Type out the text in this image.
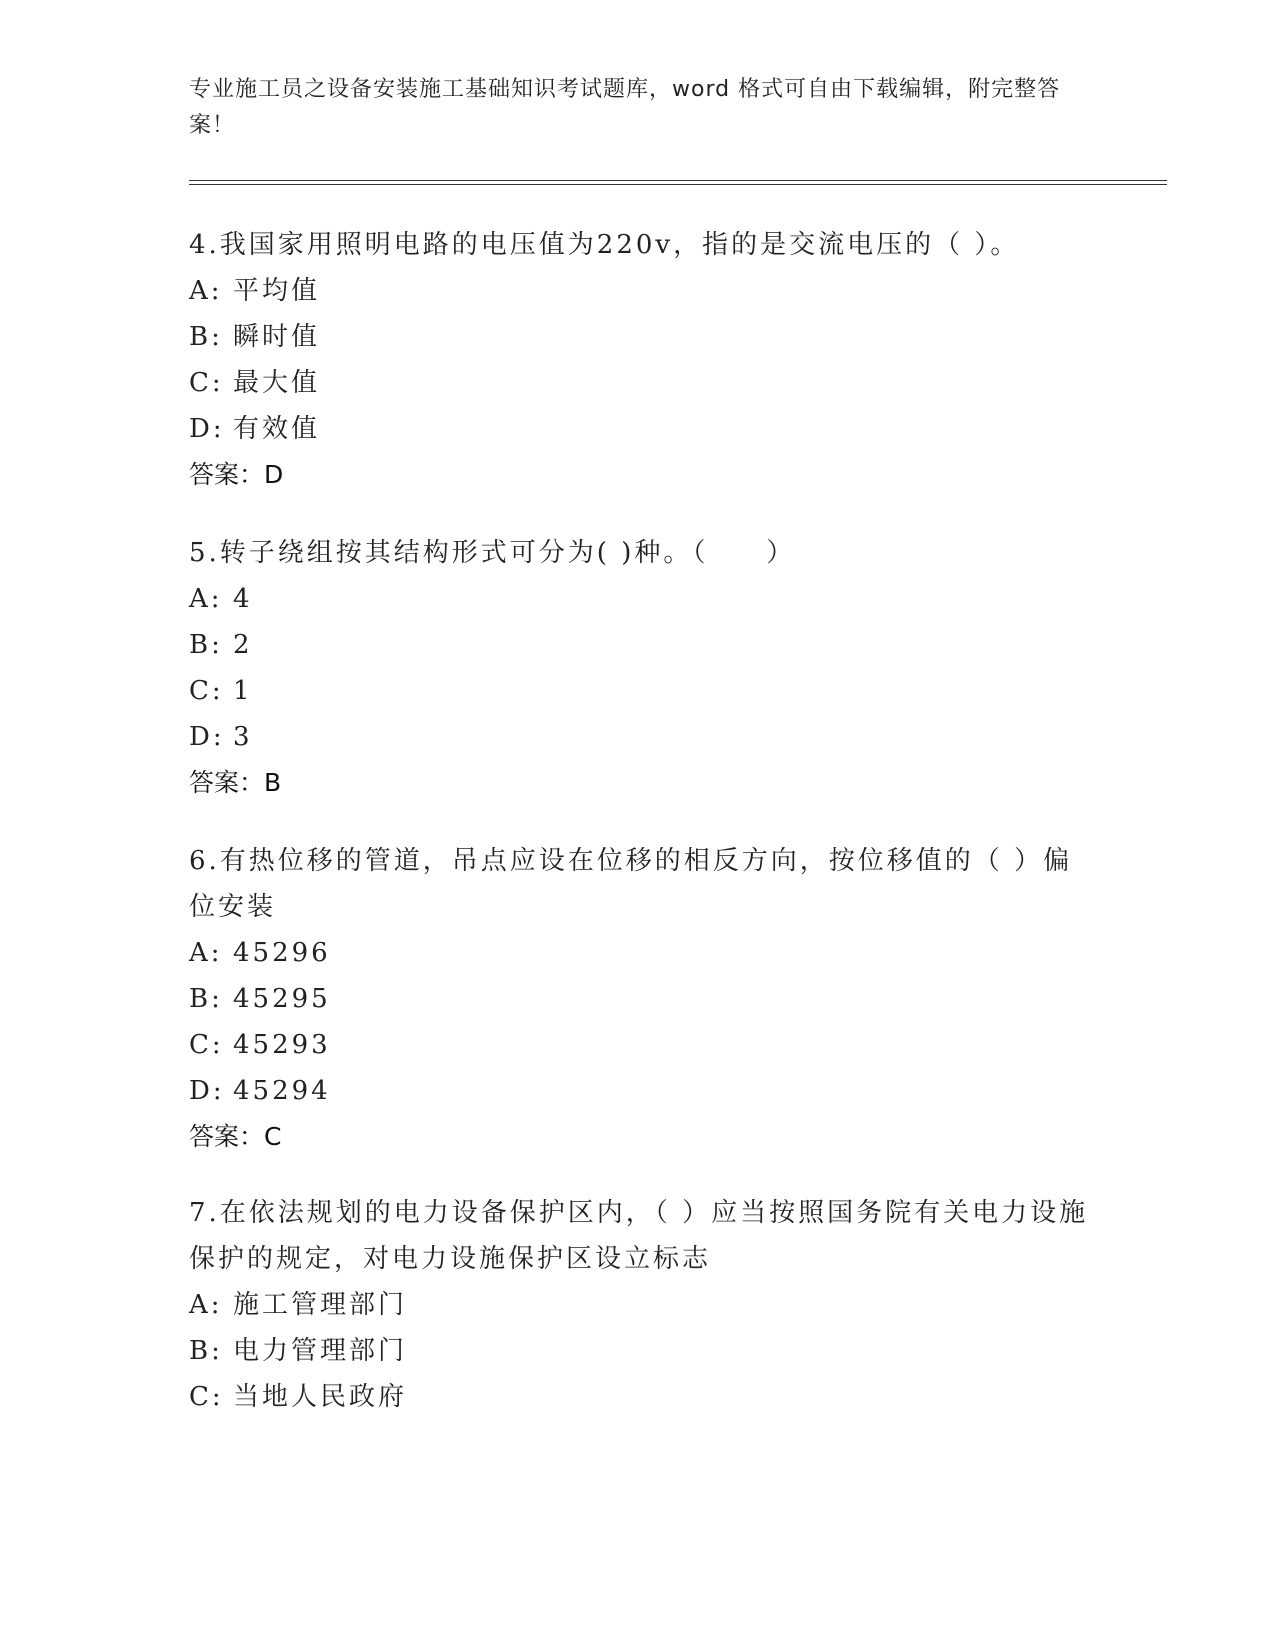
专业施工员之设备安装施工基础知识考试题库，word 格式可自由下载编辑，附完整答案！

4.我国家用照明电路的电压值为220v，指的是交流电压的（ ）。

A: 平均值

B: 瞬时值

C: 最大值

D: 有效值

答案：D

5.转子绕组按其结构形式可分为( )种。（　　）

A: 4

B: 2

C: 1

D: 3

答案：B

6.有热位移的管道，吊点应设在位移的相反方向，按位移值的（ ）偏位安装

A: 45296

B: 45295

C: 45293

D: 45294

答案：C

7.在依法规划的电力设备保护区内，（ ）应当按照国务院有关电力设施保护的规定，对电力设施保护区设立标志

A: 施工管理部门

B: 电力管理部门

C: 当地人民政府
